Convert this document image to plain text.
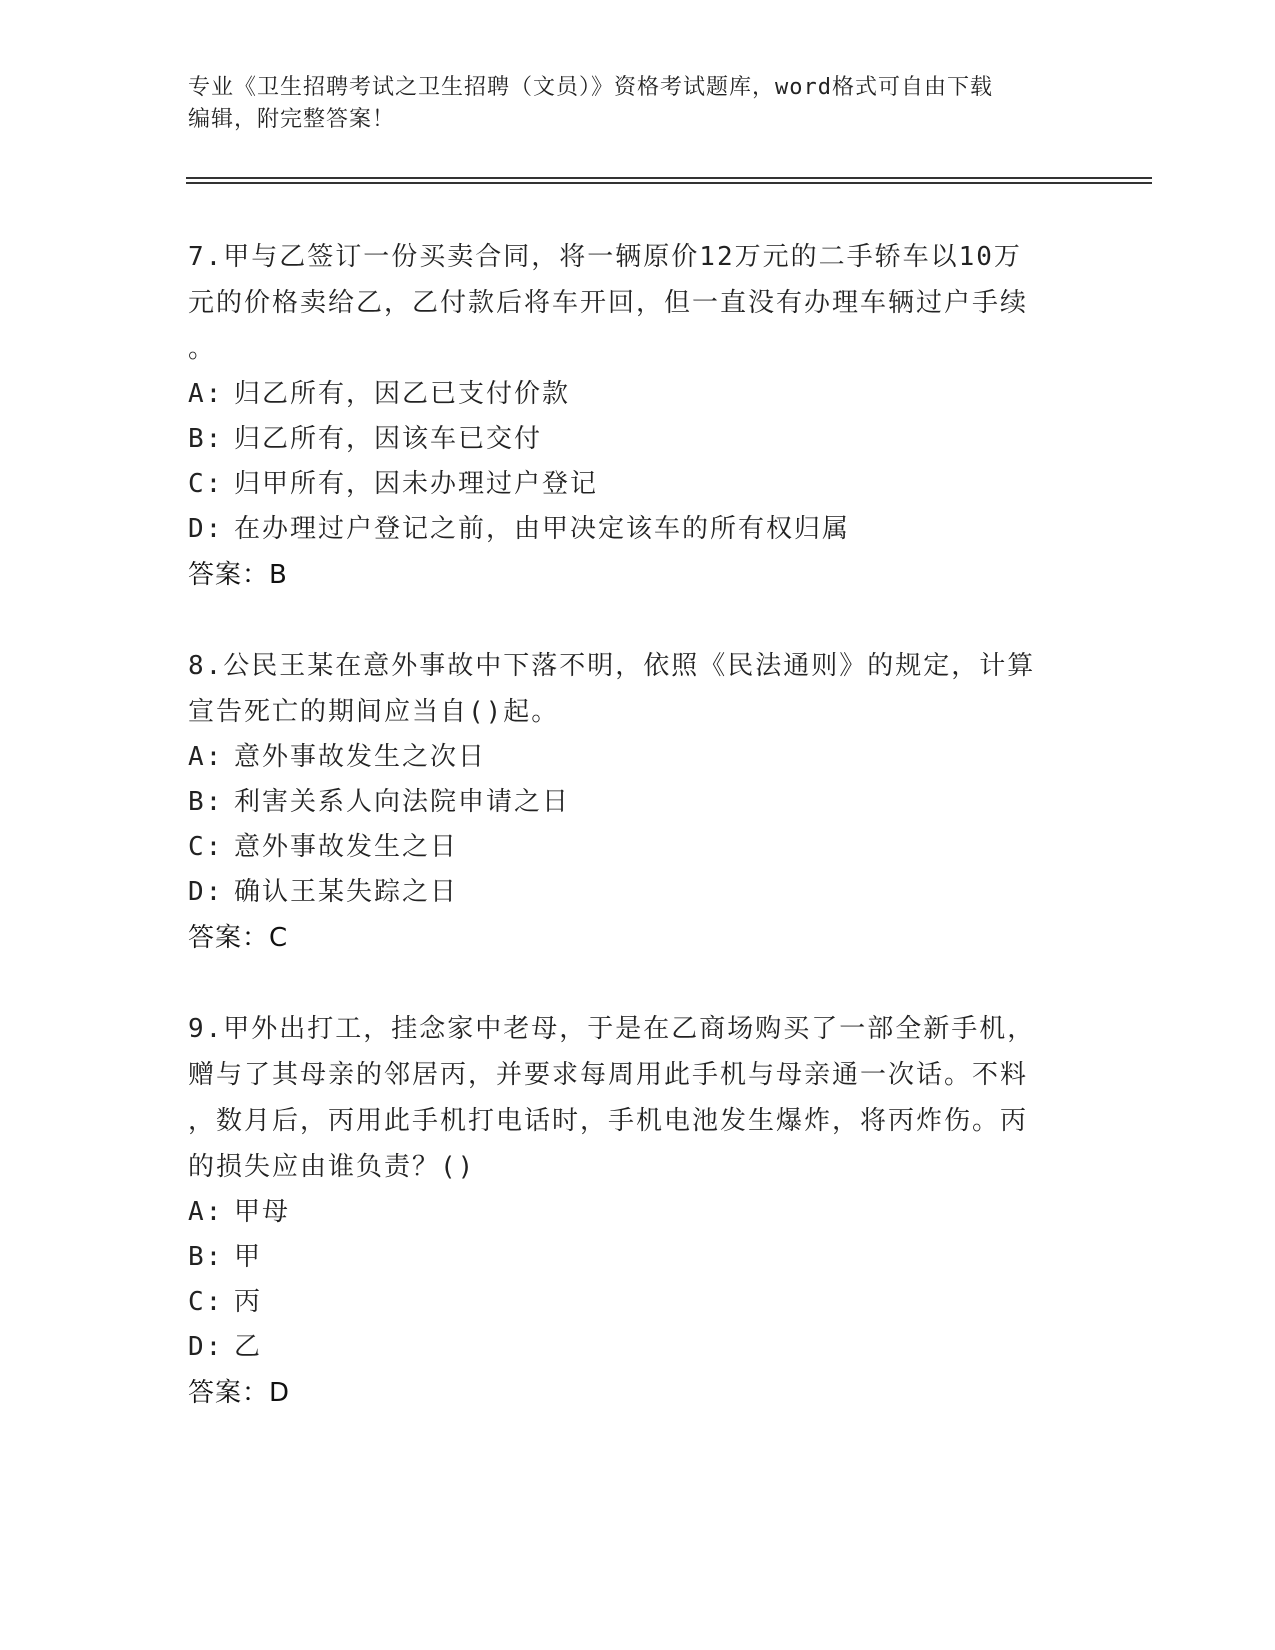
专业《卫生招聘考试之卫生招聘（文员）》资格考试题库，word格式可自由下载
编辑，附完整答案！

7.甲与乙签订一份买卖合同，将一辆原价12万元的二手轿车以10万

元的价格卖给乙，乙付款后将车开回，但一直没有办理车辆过户手续

。

A: 归乙所有，因乙已支付价款

B: 归乙所有，因该车已交付

C: 归甲所有，因未办理过户登记

D: 在办理过户登记之前，由甲决定该车的所有权归属

答案：B

8.公民王某在意外事故中下落不明，依照《民法通则》的规定，计算

宣告死亡的期间应当自()起。

A: 意外事故发生之次日

B: 利害关系人向法院申请之日

C: 意外事故发生之日

D: 确认王某失踪之日

答案：C

9.甲外出打工，挂念家中老母，于是在乙商场购买了一部全新手机，

赠与了其母亲的邻居丙，并要求每周用此手机与母亲通一次话。不料

，数月后，丙用此手机打电话时，手机电池发生爆炸，将丙炸伤。丙

的损失应由谁负责？()

A: 甲母

B: 甲

C: 丙

D: 乙

答案：D
